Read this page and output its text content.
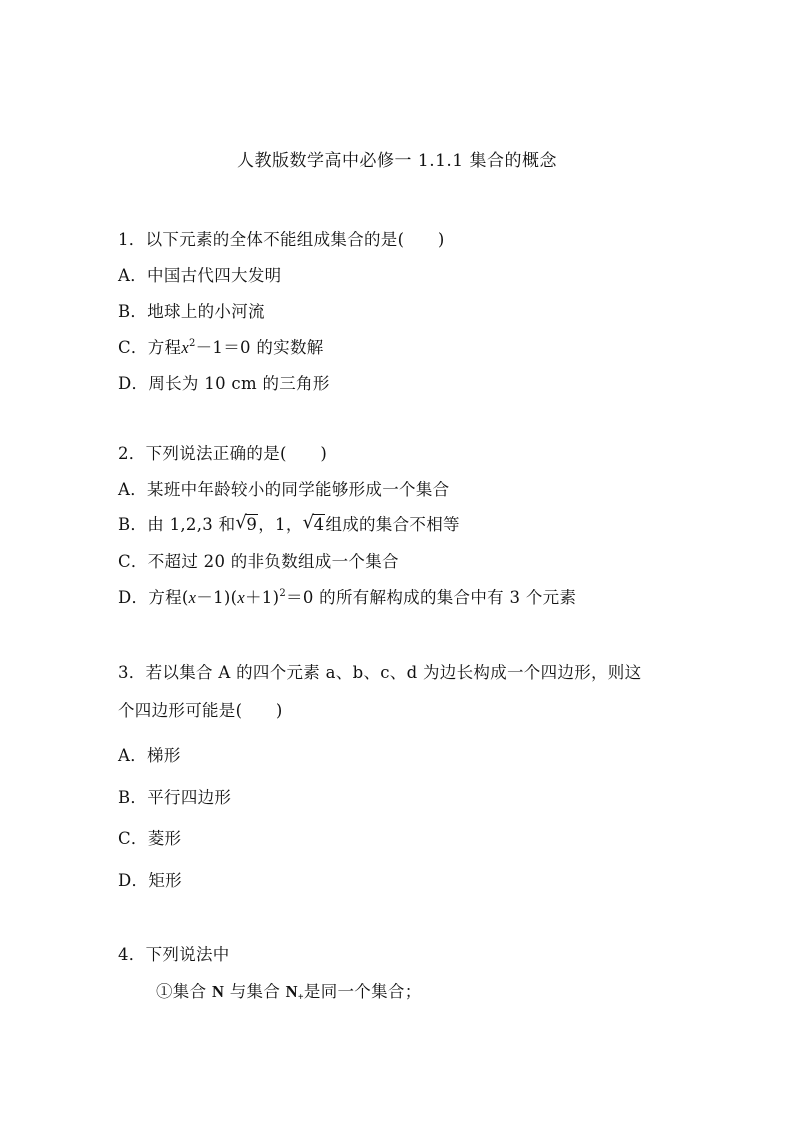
人教版数学高中必修一 1.1.1 集合的概念
1．以下元素的全体不能组成集合的是(　　)
A．中国古代四大发明
B．地球上的小河流
C．方程$x^2-1=0$ 的实数解
D．周长为 10 cm 的三角形
2．下列说法正确的是(　　)
A．某班中年龄较小的同学能够形成一个集合
B．由 1,2,3 和 √ 9，1， √ 4组成的集合不相等
C．不超过 20 的非负数组成一个集合
D．方程$(x-1)(x+1)^2=0$ 的所有解构成的集合中有 3 个元素
3．若以集合 A 的四个元素 a、b、c、d 为边长构成一个四边形，则这
个四边形可能是(　　)
A．梯形
B．平行四边形
C．菱形
D．矩形
4．下列说法中
①集合 N 与集合 $N_+$是同一个集合；
